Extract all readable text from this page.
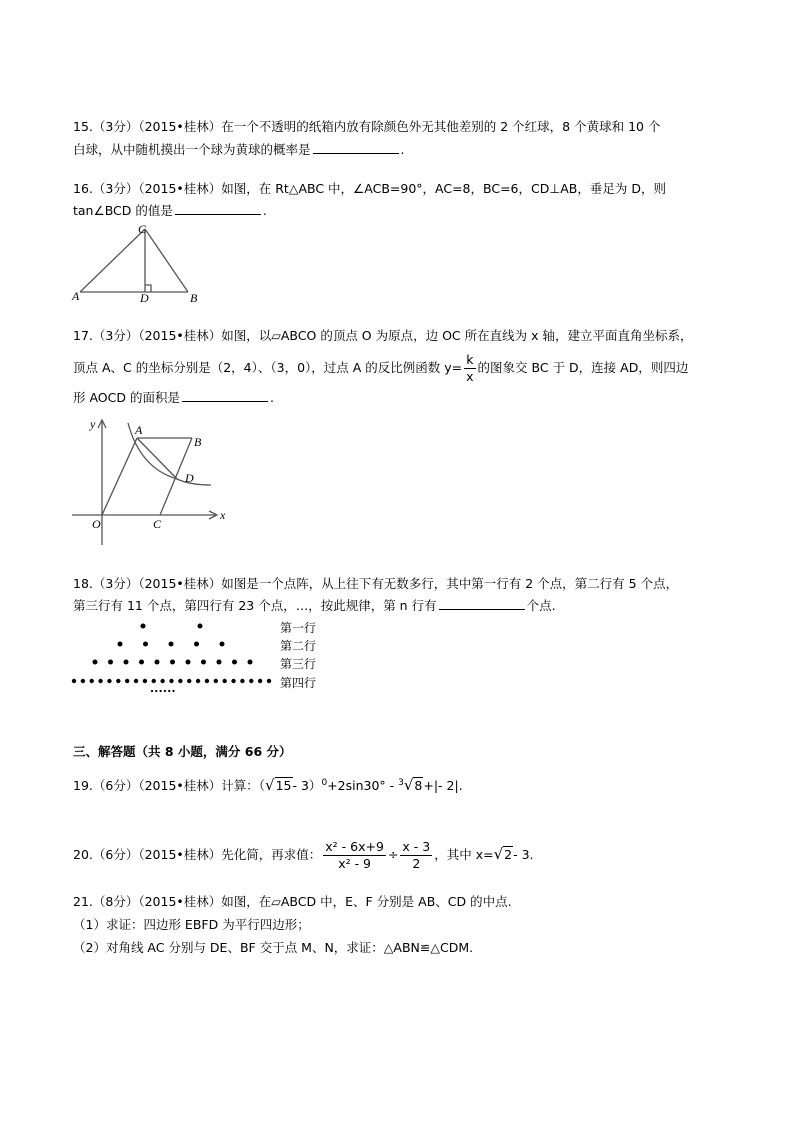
15.（3分）（2015•桂林）在一个不透明的纸箱内放有除颜色外无其他差别的 2 个红球，8 个黄球和 10 个
白球，从中随机摸出一个球为黄球的概率是	.
16.（3分）（2015•桂林）如图，在 Rt△ABC 中，∠ACB=90°，AC=8，BC=6，CD⊥AB，垂足为 D，则
tan∠BCD 的值是	.
C
A	D	B
17.（3分）（2015•桂林）如图，以▱ABCO 的顶点 O 为原点，边 OC 所在直线为 x 轴，建立平面直角坐标系，
顶点 A、C 的坐标分别是（2，4）、（3，0），过点 A 的反比例函数 $y= \frac{k}{x}$ 的图象交 BC 于 D，连接 AD，则四边
形 AOCD 的面积是	.
y
x
O
A
B
C
D
18.（3分）（2015•桂林）如图是一个点阵，从上往下有无数多行，其中第一行有 2 个点，第二行有 5 个点，
第三行有 11 个点，第四行有 23 个点，…，按此规律，第 n 行有	个点.
第一行
第二行
第三行
第四行
三、解答题（共 8 小题，满分 66 分）
19.（6分）（2015•桂林）计算：（√15- 3）$^0$+2sin30° - $^3$√8+|- 2|.
20.（6分）（2015•桂林）先化简，再求值： $\frac{\text{x² - 6x+9}}{\text{x² - 9}} \div \frac{x - 3}{2}$ ，其中 x=√2- 3.
21.（8分）（2015•桂林）如图，在▱ABCD 中，E、F 分别是 AB、CD 的中点.
（1）求证：四边形 EBFD 为平行四边形；
（2）对角线 AC 分别与 DE、BF 交于点 M、N，求证：△ABN≌△CDM.
